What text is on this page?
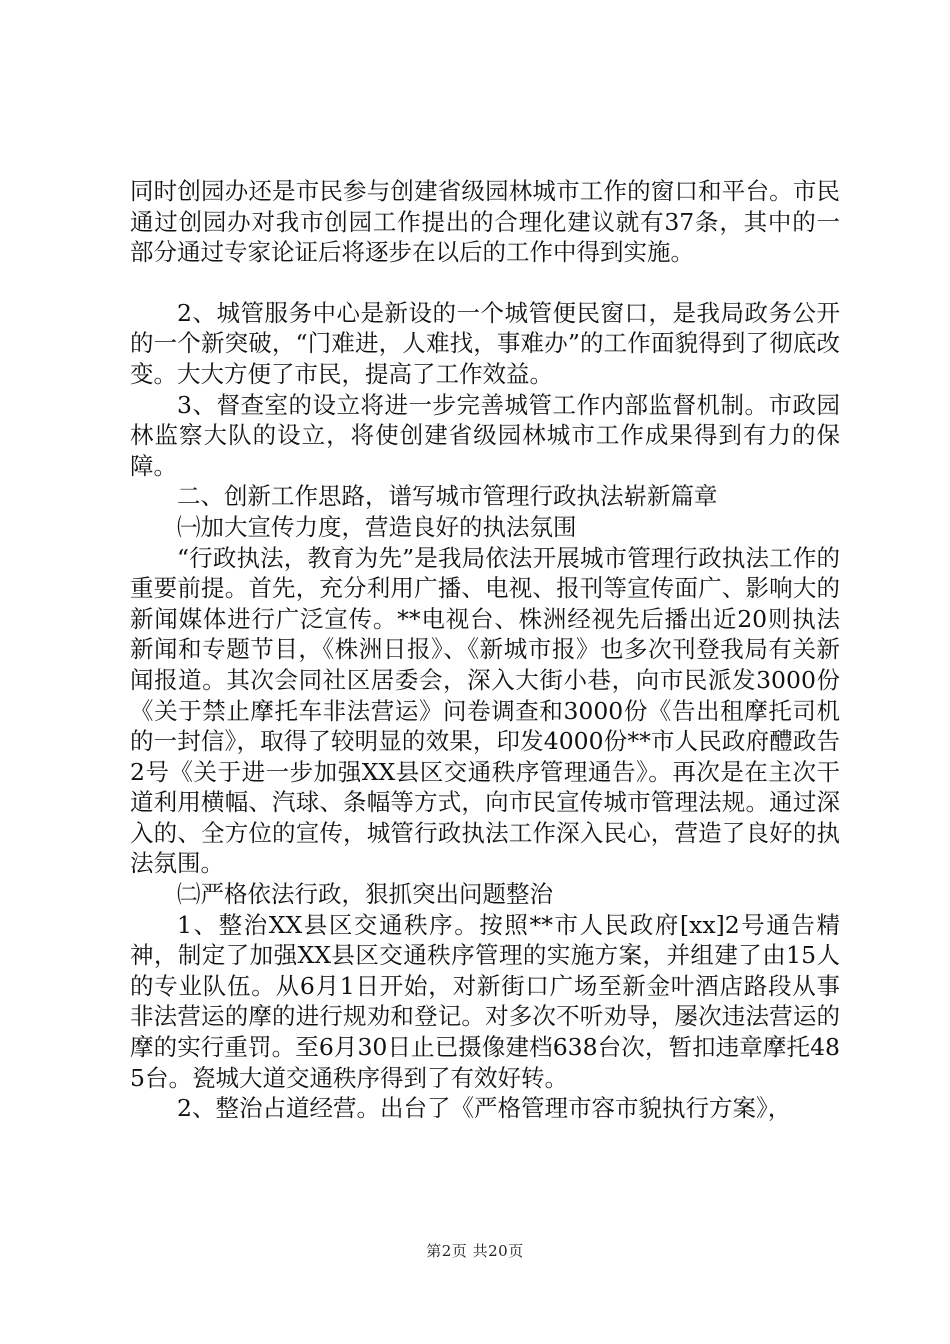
同时创园办还是市民参与创建省级园林城市工作的窗口和平台。市民通过创园办对我市创园工作提出的合理化建议就有37条，其中的一部分通过专家论证后将逐步在以后的工作中得到实施。

2、城管服务中心是新设的一个城管便民窗口，是我局政务公开的一个新突破，“门难进，人难找，事难办”的工作面貌得到了彻底改变。大大方便了市民，提高了工作效益。

3、督查室的设立将进一步完善城管工作内部监督机制。市政园林监察大队的设立，将使创建省级园林城市工作成果得到有力的保障。

二、创新工作思路，谱写城市管理行政执法崭新篇章

㈠加大宣传力度，营造良好的执法氛围

“行政执法，教育为先”是我局依法开展城市管理行政执法工作的重要前提。首先，充分利用广播、电视、报刊等宣传面广、影响大的新闻媒体进行广泛宣传。**电视台、株洲经视先后播出近20则执法新闻和专题节目，《株洲日报》、《新城市报》也多次刊登我局有关新闻报道。其次会同社区居委会，深入大街小巷，向市民派发3000份《关于禁止摩托车非法营运》问卷调查和3000份《告出租摩托司机的一封信》，取得了较明显的效果，印发4000份**市人民政府醴政告2号《关于进一步加强XX县区交通秩序管理通告》。再次是在主次干道利用横幅、汽球、条幅等方式，向市民宣传城市管理法规。通过深入的、全方位的宣传，城管行政执法工作深入民心，营造了良好的执法氛围。

㈡严格依法行政，狠抓突出问题整治

1、整治XX县区交通秩序。按照**市人民政府[xx]2号通告精神，制定了加强XX县区交通秩序管理的实施方案，并组建了由15人的专业队伍。从6月1日开始，对新街口广场至新金叶酒店路段从事非法营运的摩的进行规劝和登记。对多次不听劝导，屡次违法营运的摩的实行重罚。至6月30日止已摄像建档638台次，暂扣违章摩托485台。瓷城大道交通秩序得到了有效好转。

2、整治占道经营。出台了《严格管理市容市貌执行方案》，

第2页 共20页
